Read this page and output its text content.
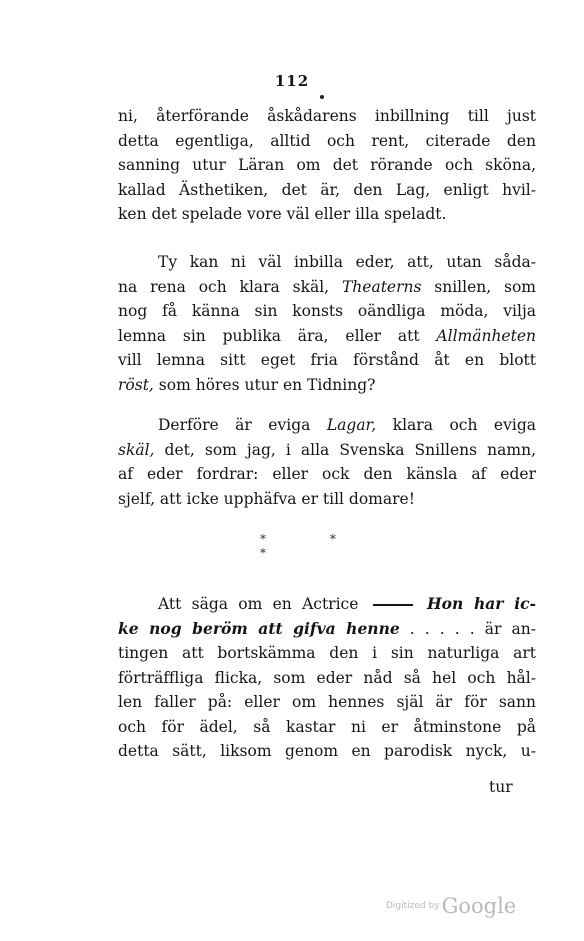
112
ni, återförande åskådarens inbillning till just
detta egentliga, alltid och rent, citerade den
sanning utur Läran om det rörande och sköna,
kallad Ästhetiken, det är, den Lag, enligt hvil-
ken det spelade vore väl eller illa speladt.
Ty kan ni väl inbilla eder, att, utan såda-
na rena och klara skäl, Theaterns snillen, som
nog få känna sin konsts oändliga möda, vilja
lemna sin publika ära, eller att Allmänheten
vill lemna sitt eget fria förstånd åt en blott
röst, som höres utur en Tidning?
Derföre är eviga Lagar, klara och eviga
skäl, det, som jag, i alla Svenska Snillens namn,
af eder fordrar: eller ock den känsla af eder
sjelf, att icke upphäfva er till domare!
* * *
Att säga om en Actrice	Hon har ic-
ke nog beröm att gifva henne . . . . . är an-
tingen att bortskämma den i sin naturliga art
förträffliga flicka, som eder nåd så hel och hål-
len faller på: eller om hennes själ är för sann
och för ädel, så kastar ni er åtminstone på
detta sätt, liksom genom en parodisk nyck, u-
tur
Digitized byGoogle
